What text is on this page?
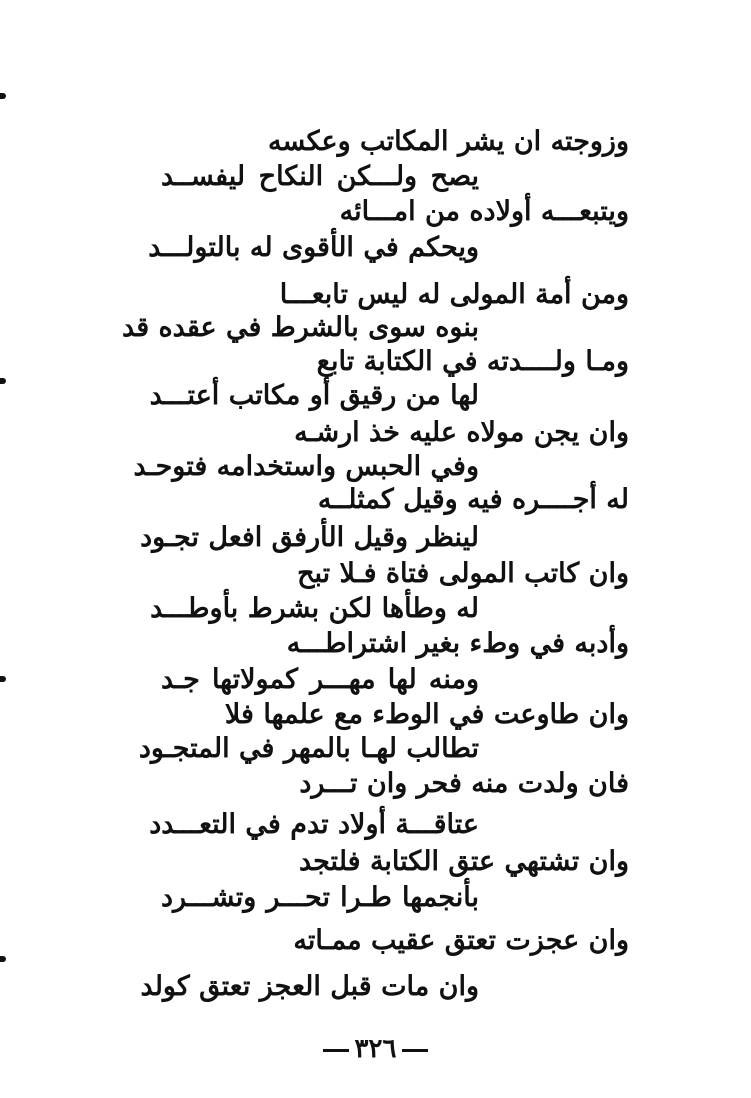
وزوجته ان يشر المكاتب وعكسه
يصح ولـــكن النكاح ليفســد
ويتبعـــه أولاده من امـــائه
ويحكم في الأقوى له بالتولـــد
ومن أمة المولى له ليس تابعـــا
بنوه سوى بالشرط في عقده قد
ومـا ولــــدته في الكتابة تابع
لها من رقيق أو مكاتب أعتـــد
وان يجن مولاه عليه خذ ارشـه
وفي الحبس واستخدامه فتوحـد
له أجــــره فيه وقيل كمثلــه
لينظر وقيل الأرفق افعل تجـود
وان كاتب المولى فتاة فـلا تبح
له وطأها لكن بشرط بأوطـــد
وأدبه في وطء بغير اشتراطـــه
ومنه لها مهـــر كمولاتها جـد
وان طاوعت في الوطء مع علمها فلا
تطالب لهـا بالمهر في المتجـود
فان ولدت منه فحر وان تـــرد
عتاقـــة أولاد تدم في التعـــدد
وان تشتهي عتق الكتابة فلتجد
بأنجمها طـرا تحـــر وتشـــرد
وان عجزت تعتق عقيب ممـاته
وان مات قبل العجز تعتق كولد
٣٢٦
